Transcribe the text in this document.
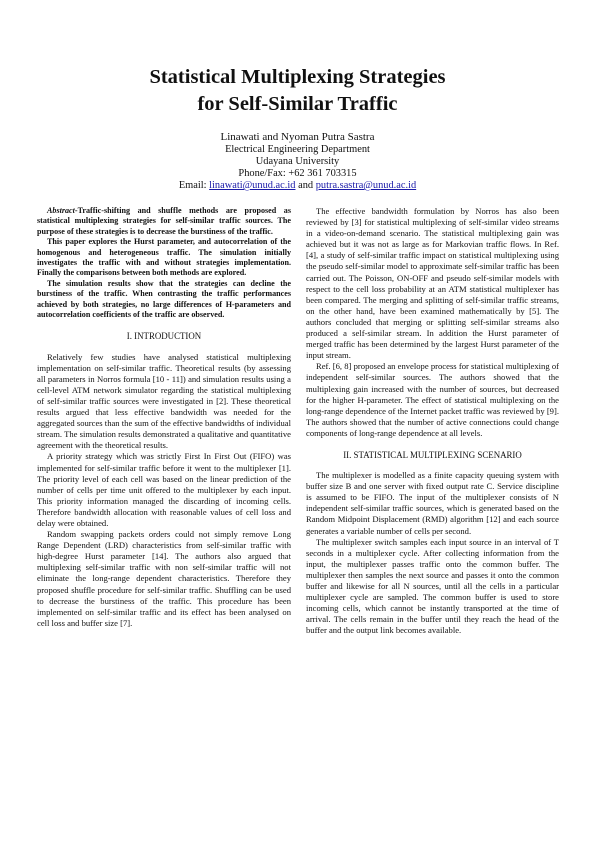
Statistical Multiplexing Strategies
for Self-Similar Traffic
Linawati and Nyoman Putra Sastra
Electrical Engineering Department
Udayana University
Phone/Fax: +62 361 703315
Email: linawati@unud.ac.id and putra.sastra@unud.ac.id

Abstract-Traffic-shifting and shuffle methods are proposed as statistical multiplexing strategies for self-similar traffic sources. The purpose of these strategies is to decrease the burstiness of the traffic.

This paper explores the Hurst parameter, and autocorrelation of the homogenous and heterogeneous traffic. The simulation initially investigates the traffic with and without strategies implementation. Finally the comparisons between both methods are explored.

The simulation results show that the strategies can decline the burstiness of the traffic. When contrasting the traffic performances achieved by both strategies, no large differences of H-parameters and autocorrelation coefficients of the traffic are observed.

I. INTRODUCTION

Relatively few studies have analysed statistical multiplexing implementation on self-similar traffic. Theoretical results (by assessing all parameters in Norros formula [10 - 11]) and simulation results using a cell-level ATM network simulator regarding the statistical multiplexing of self-similar traffic sources were investigated in [2]. These theoretical results argued that less effective bandwidth was needed for the aggregated sources than the sum of the effective bandwidths of individual stream. The simulation results demonstrated a qualitative and quantitative agreement with the theoretical results.

A priority strategy which was strictly First In First Out (FIFO) was implemented for self-similar traffic before it went to the multiplexer [1]. The priority level of each cell was based on the linear prediction of the number of cells per time unit offered to the multiplexer by each input. This priority information managed the discarding of incoming cells. Therefore bandwidth allocation with reasonable values of cell loss and delay were obtained.

Random swapping packets orders could not simply remove Long Range Dependent (LRD) characteristics from self-similar traffic with high-degree Hurst parameter [14]. The authors also argued that multiplexing self-similar traffic with non self-similar traffic will not eliminate the long-range dependent characteristics. Therefore they proposed shuffle procedure for self-similar traffic. Shuffling can be used to decrease the burstiness of the traffic. This procedure has been implemented on self-similar traffic and its effect has been analysed on cell loss and buffer size [7].

The effective bandwidth formulation by Norros has also been reviewed by [3] for statistical multiplexing of self-similar video streams in a video-on-demand scenario. The statistical multiplexing gain was achieved but it was not as large as for Markovian traffic flows. In Ref. [4], a study of self-similar traffic impact on statistical multiplexing using the pseudo self-similar model to approximate self-similar traffic has been carried out. The Poisson, ON-OFF and pseudo self-similar models with respect to the cell loss probability at an ATM statistical multiplexer has been compared. The merging and splitting of self-similar traffic streams, on the other hand, have been examined mathematically by [5]. The authors concluded that merging or splitting self-similar streams also produced a self-similar stream. In addition the Hurst parameter of merged traffic has been determined by the largest Hurst parameter of the input stream.

Ref. [6, 8] proposed an envelope process for statistical multiplexing of independent self-similar sources. The authors showed that the multiplexing gain increased with the number of sources, but decreased for the higher H-parameter. The effect of statistical multiplexing on the long-range dependence of the Internet packet traffic was reviewed by [9]. The authors showed that the number of active connections could change components of long-range dependence at all levels.

II. STATISTICAL MULTIPLEXING SCENARIO

The multiplexer is modelled as a finite capacity queuing system with buffer size B and one server with fixed output rate C. Service discipline is assumed to be FIFO. The input of the multiplexer consists of N independent self-similar traffic sources, which is generated based on the Random Midpoint Displacement (RMD) algorithm [12] and each source generates a variable number of cells per second.

The multiplexer switch samples each input source in an interval of T seconds in a multiplexer cycle. After collecting information from the input, the multiplexer passes traffic onto the common buffer. The multiplexer then samples the next source and passes it onto the common buffer and likewise for all N sources, until all the cells in a particular multiplexer cycle are sampled. The common buffer is used to store incoming cells, which cannot be instantly transported at the time of arrival. The cells remain in the buffer until they reach the head of the buffer and the output link becomes available.
